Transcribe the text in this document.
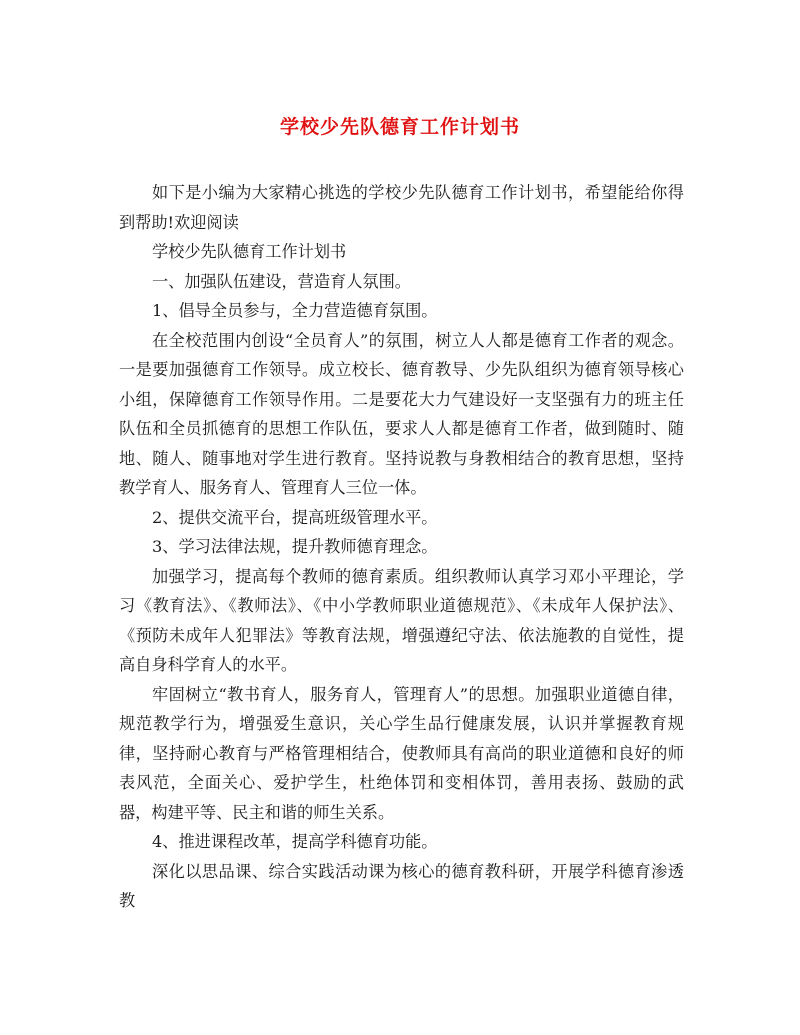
学校少先队德育工作计划书

如下是小编为大家精心挑选的学校少先队德育工作计划书，希望能给你得到帮助!欢迎阅读

学校少先队德育工作计划书

一、加强队伍建设，营造育人氛围。

1、倡导全员参与，全力营造德育氛围。

在全校范围内创设“全员育人”的氛围，树立人人都是德育工作者的观念。一是要加强德育工作领导。成立校长、德育教导、少先队组织为德育领导核心小组，保障德育工作领导作用。二是要花大力气建设好一支坚强有力的班主任队伍和全员抓德育的思想工作队伍，要求人人都是德育工作者，做到随时、随地、随人、随事地对学生进行教育。坚持说教与身教相结合的教育思想，坚持教学育人、服务育人、管理育人三位一体。

2、提供交流平台，提高班级管理水平。

3、学习法律法规，提升教师德育理念。

加强学习，提高每个教师的德育素质。组织教师认真学习邓小平理论，学习《教育法》、《教师法》、《中小学教师职业道德规范》、《未成年人保护法》、《预防未成年人犯罪法》等教育法规，增强遵纪守法、依法施教的自觉性，提高自身科学育人的水平。

牢固树立“教书育人，服务育人，管理育人”的思想。加强职业道德自律，规范教学行为，增强爱生意识，关心学生品行健康发展，认识并掌握教育规律，坚持耐心教育与严格管理相结合，使教师具有高尚的职业道德和良好的师表风范，全面关心、爱护学生，杜绝体罚和变相体罚，善用表扬、鼓励的武器，构建平等、民主和谐的师生关系。

4、推进课程改革，提高学科德育功能。

深化以思品课、综合实践活动课为核心的德育教科研，开展学科德育渗透教
